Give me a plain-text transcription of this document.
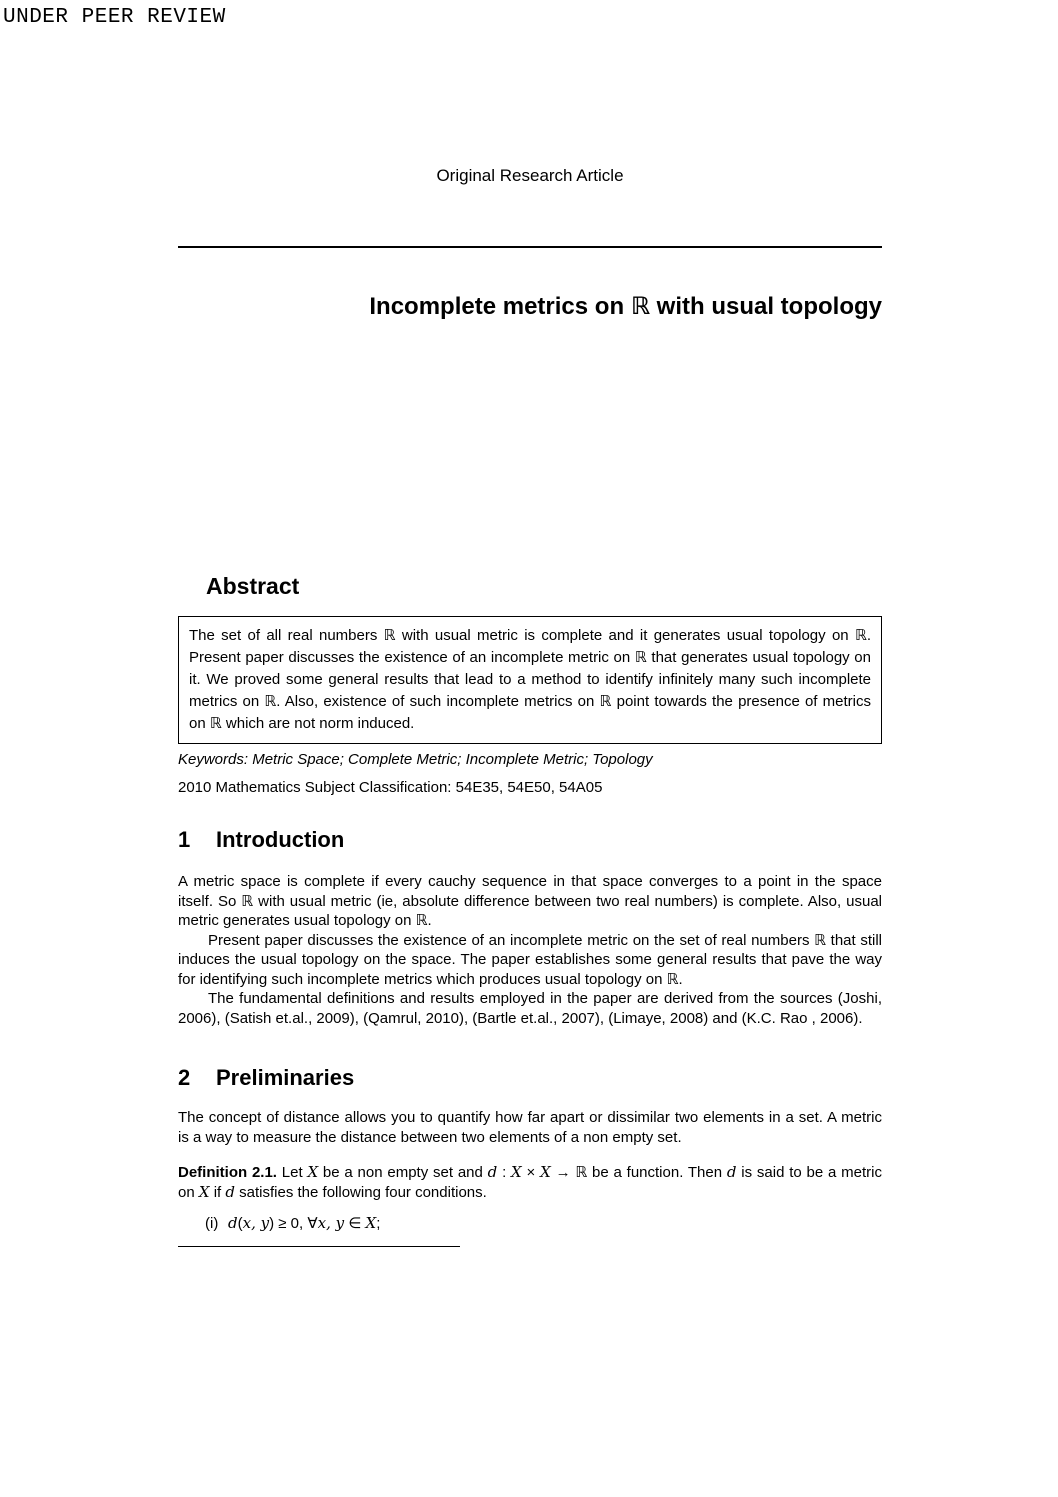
UNDER PEER REVIEW
Original Research Article
Incomplete metrics on ℝ with usual topology
Abstract

The set of all real numbers ℝ with usual metric is complete and it generates usual topology on ℝ. Present paper discusses the existence of an incomplete metric on ℝ that generates usual topology on it. We proved some general results that lead to a method to identify infinitely many such incomplete metrics on ℝ. Also, existence of such incomplete metrics on ℝ point towards the presence of metrics on ℝ which are not norm induced.

Keywords: Metric Space; Complete Metric; Incomplete Metric; Topology

2010 Mathematics Subject Classification: 54E35, 54E50, 54A05

1 Introduction

A metric space is complete if every cauchy sequence in that space converges to a point in the space itself. So ℝ with usual metric (ie, absolute difference between two real numbers) is complete. Also, usual metric generates usual topology on ℝ.

Present paper discusses the existence of an incomplete metric on the set of real numbers ℝ that still induces the usual topology on the space. The paper establishes some general results that pave the way for identifying such incomplete metrics which produces usual topology on ℝ.

The fundamental definitions and results employed in the paper are derived from the sources (Joshi, 2006), (Satish et.al., 2009), (Qamrul, 2010), (Bartle et.al., 2007), (Limaye, 2008) and (K.C. Rao , 2006).

2 Preliminaries

The concept of distance allows you to quantify how far apart or dissimilar two elements in a set. A metric is a way to measure the distance between two elements of a non empty set.

Definition 2.1. Let X be a non empty set and d : X × X → ℝ be a function. Then d is said to be a metric on X if d satisfies the following four conditions.

(i) d(x, y) ≥ 0, ∀x, y ∈ X;
